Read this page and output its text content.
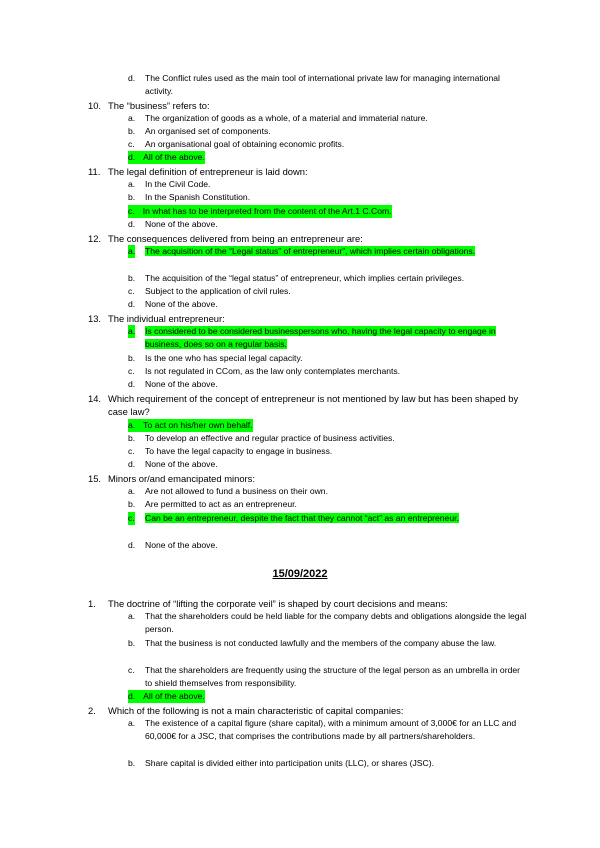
d. The Conflict rules used as the main tool of international private law for managing international activity.
10. The “business” refers to:
a. The organization of goods as a whole, of a material and immaterial nature.
b. An organised set of components.
c. An organisational goal of obtaining economic profits.
d. All of the above.
11. The legal definition of entrepreneur is laid down:
a. In the Civil Code.
b. In the Spanish Constitution.
c. In what has to be interpreted from the content of the Art.1 C.Com.
d. None of the above.
12. The consequences delivered from being an entrepreneur are:
a. The acquisition of the “Legal status” of entrepreneur”, which implies certain obligations.
b. The acquisition of the “legal status” of entrepreneur, which implies certain privileges.
c. Subject to the application of civil rules.
d. None of the above.
13. The individual entrepreneur:
a. Is considered to be considered businesspersons who, having the legal capacity to engage in business, does so on a regular basis.
b. Is the one who has special legal capacity.
c. Is not regulated in CCom, as the law only contemplates merchants.
d. None of the above.
14. Which requirement of the concept of entrepreneur is not mentioned by law but has been shaped by case law?
a. To act on his/her own behalf.
b. To develop an effective and regular practice of business activities.
c. To have the legal capacity to engage in business.
d. None of the above.
15. Minors or/and emancipated minors:
a. Are not allowed to fund a business on their own.
b. Are permitted to act as an entrepreneur.
c. Can be an entrepreneur, despite the fact that they cannot “act” as an entrepreneur.
d. None of the above.
15/09/2022
1. The doctrine of “lifting the corporate veil” is shaped by court decisions and means:
a. That the shareholders could be held liable for the company debts and obligations alongside the legal person.
b. That the business is not conducted lawfully and the members of the company abuse the law.
c. That the shareholders are frequently using the structure of the legal person as an umbrella in order to shield themselves from responsibility.
d. All of the above.
2. Which of the following is not a main characteristic of capital companies:
a. The existence of a capital figure (share capital), with a minimum amount of 3,000€ for an LLC and 60,000€ for a JSC, that comprises the contributions made by all partners/shareholders.
b. Share capital is divided either into participation units (LLC), or shares (JSC).
